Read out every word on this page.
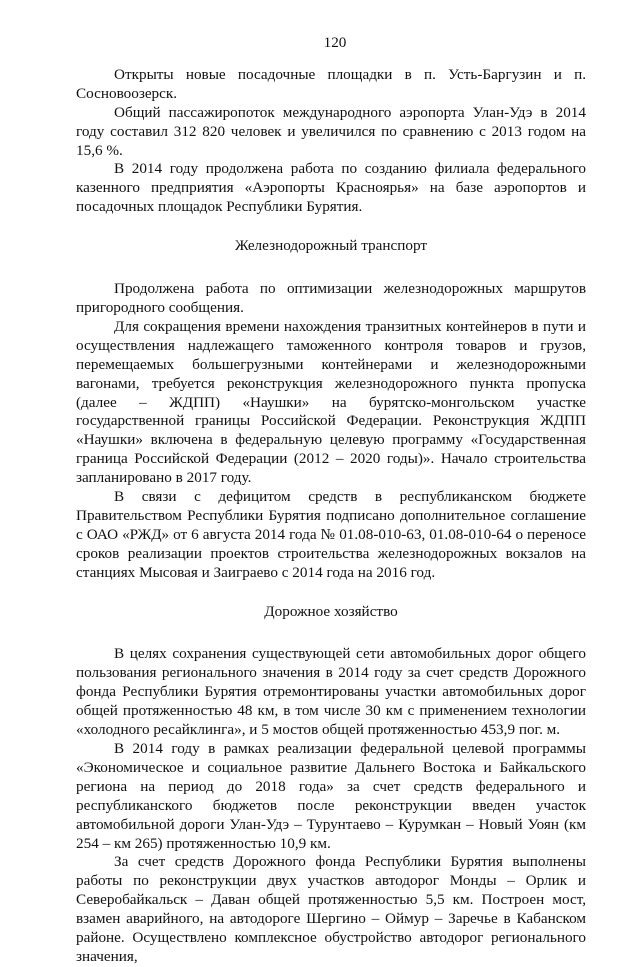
120

Открыты новые посадочные площадки в п. Усть-Баргузин и п. Сосновоозерск.

Общий пассажиропоток международного аэропорта Улан-Удэ в 2014 году составил 312 820 человек и увеличился по сравнению с 2013 годом на 15,6 %.

В 2014 году продолжена работа по созданию филиала федерального казенного предприятия «Аэропорты Красноярья» на базе аэропортов и посадочных площадок Республики Бурятия.

Железнодорожный транспорт

Продолжена работа по оптимизации железнодорожных маршрутов пригородного сообщения.

Для сокращения времени нахождения транзитных контейнеров в пути и осуществления надлежащего таможенного контроля товаров и грузов, перемещаемых большегрузными контейнерами и железнодорожными вагонами, требуется реконструкция железнодорожного пункта пропуска (далее – ЖДПП) «Наушки» на бурятско-монгольском участке государственной границы Российской Федерации. Реконструкция ЖДПП «Наушки» включена в федеральную целевую программу «Государственная граница Российской Федерации (2012 – 2020 годы)». Начало строительства запланировано в 2017 году.

В связи с дефицитом средств в республиканском бюджете Правительством Республики Бурятия подписано дополнительное соглашение с ОАО «РЖД» от 6 августа 2014 года № 01.08-010-63, 01.08-010-64 о переносе сроков реализации проектов строительства железнодорожных вокзалов на станциях Мысовая и Заиграево с 2014 года на 2016 год.

Дорожное хозяйство

В целях сохранения существующей сети автомобильных дорог общего пользования регионального значения в 2014 году за счет средств Дорожного фонда Республики Бурятия отремонтированы участки автомобильных дорог общей протяженностью 48 км, в том числе 30 км с применением технологии «холодного ресайклинга», и 5 мостов общей протяженностью 453,9 пог. м.

В 2014 году в рамках реализации федеральной целевой программы «Экономическое и социальное развитие Дальнего Востока и Байкальского региона на период до 2018 года» за счет средств федерального и республиканского бюджетов после реконструкции введен участок автомобильной дороги Улан-Удэ – Турунтаево – Курумкан – Новый Уоян (км 254 – км 265) протяженностью 10,9 км.

За счет средств Дорожного фонда Республики Бурятия выполнены работы по реконструкции двух участков автодорог Монды – Орлик и Северобайкальск – Даван общей протяженностью 5,5 км. Построен мост, взамен аварийного, на автодороге Шергино – Оймур – Заречье в Кабанском районе. Осуществлено комплексное обустройство автодорог регионального значения,
